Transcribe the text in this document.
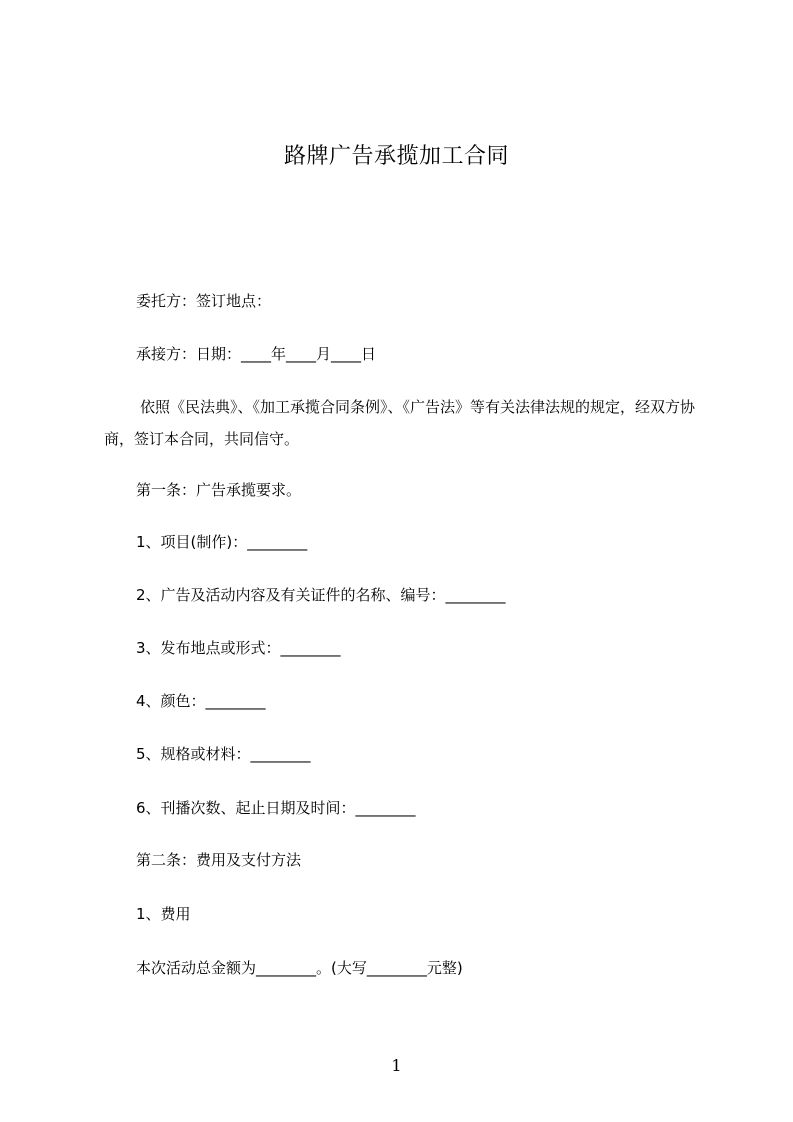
路牌广告承揽加工合同
委托方：签订地点：
承接方：日期：____年____月____日
依照《民法典》、《加工承揽合同条例》、《广告法》等有关法律法规的规定，经双方协商，签订本合同，共同信守。
第一条：广告承揽要求。
1、项目(制作)：________
2、广告及活动内容及有关证件的名称、编号：________
3、发布地点或形式：________
4、颜色：________
5、规格或材料：________
6、刊播次数、起止日期及时间：________
第二条：费用及支付方法
1、费用
本次活动总金额为________。(大写________元整)
1
